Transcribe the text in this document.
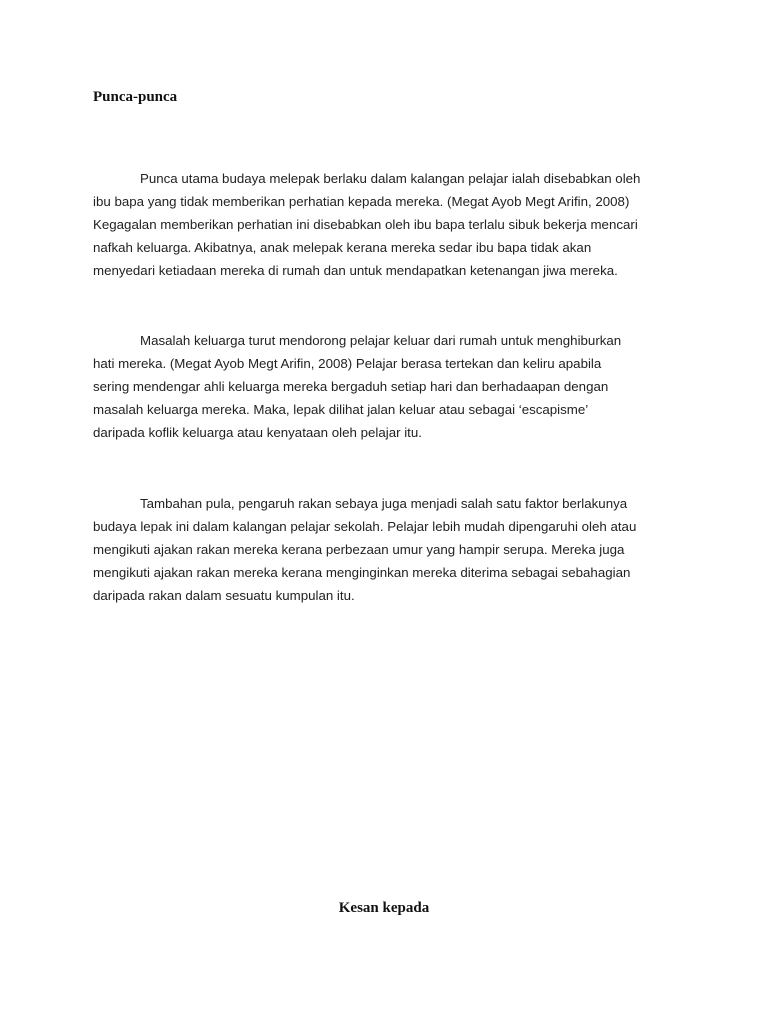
Punca-punca

Punca utama budaya melepak berlaku dalam kalangan pelajar ialah disebabkan oleh
ibu bapa yang tidak memberikan perhatian kepada mereka. (Megat Ayob Megt Arifin, 2008)
Kegagalan memberikan perhatian ini disebabkan oleh ibu bapa terlalu sibuk bekerja mencari
nafkah keluarga. Akibatnya, anak melepak kerana mereka sedar ibu bapa tidak akan
menyedari ketiadaan mereka di rumah dan untuk mendapatkan ketenangan jiwa mereka.

Masalah keluarga turut mendorong pelajar keluar dari rumah untuk menghiburkan
hati mereka. (Megat Ayob Megt Arifin, 2008) Pelajar berasa tertekan dan keliru apabila
sering mendengar ahli keluarga mereka bergaduh setiap hari dan berhadaapan dengan
masalah keluarga mereka. Maka, lepak dilihat jalan keluar atau sebagai ‘escapisme’
daripada koflik keluarga atau kenyataan oleh pelajar itu.

Tambahan pula, pengaruh rakan sebaya juga menjadi salah satu faktor berlakunya
budaya lepak ini dalam kalangan pelajar sekolah. Pelajar lebih mudah dipengaruhi oleh atau
mengikuti ajakan rakan mereka kerana perbezaan umur yang hampir serupa. Mereka juga
mengikuti ajakan rakan mereka kerana menginginkan mereka diterima sebagai sebahagian
daripada rakan dalam sesuatu kumpulan itu.

Kesan kepada
